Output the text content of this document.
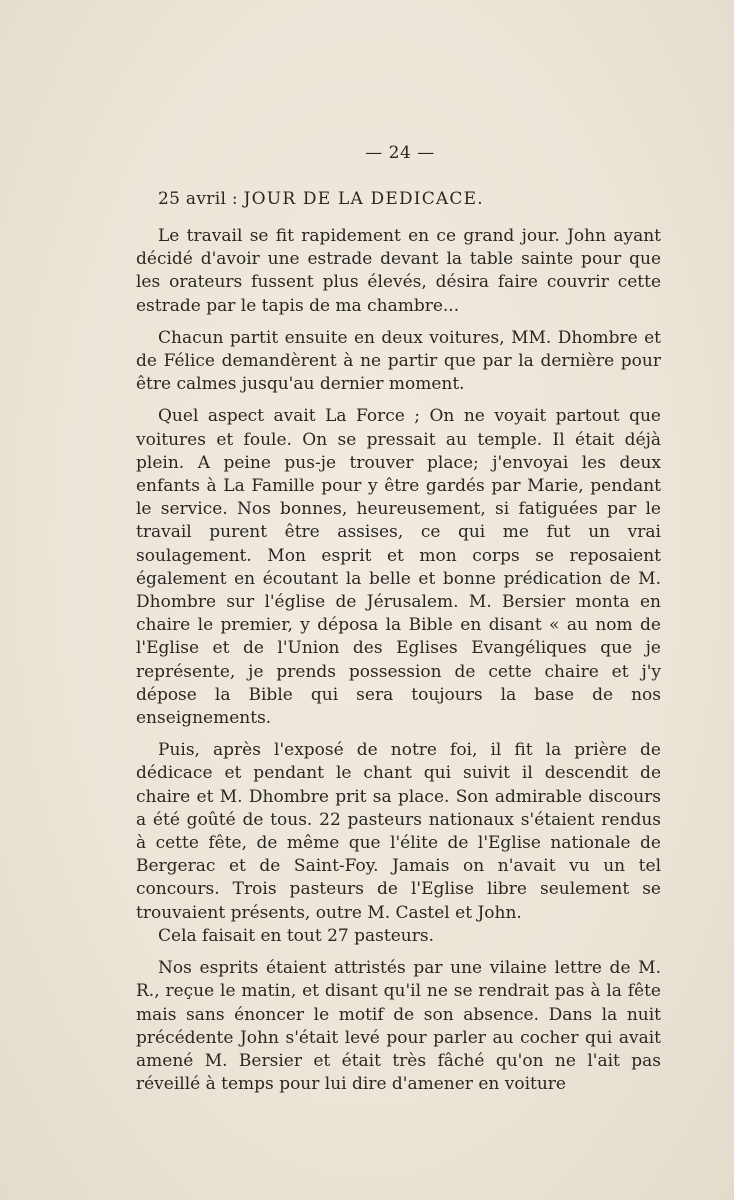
— 24 —
25 avril : JOUR DE LA DEDICACE.

Le travail se fit rapidement en ce grand jour. John ayant décidé d'avoir une estrade devant la table sainte pour que les orateurs fussent plus élevés, désira faire couvrir cette estrade par le tapis de ma chambre...

Chacun partit ensuite en deux voitures, MM. Dhombre et de Félice demandèrent à ne partir que par la dernière pour être calmes jusqu'au dernier moment.

Quel aspect avait La Force ; On ne voyait partout que voitures et foule. On se pressait au temple. Il était déjà plein. A peine pus-je trouver place; j'envoyai les deux enfants à La Famille pour y être gardés par Marie, pendant le service. Nos bonnes, heureusement, si fatiguées par le travail purent être assises, ce qui me fut un vrai soulagement. Mon esprit et mon corps se reposaient également en écoutant la belle et bonne prédication de M. Dhombre sur l'église de Jérusalem. M. Bersier monta en chaire le premier, y déposa la Bible en disant « au nom de l'Eglise et de l'Union des Eglises Evangéliques que je représente, je prends possession de cette chaire et j'y dépose la Bible qui sera toujours la base de nos enseignements.

Puis, après l'exposé de notre foi, il fit la prière de dédicace et pendant le chant qui suivit il descendit de chaire et M. Dhombre prit sa place. Son admirable discours a été goûté de tous. 22 pasteurs nationaux s'étaient rendus à cette fête, de même que l'élite de l'Eglise nationale de Bergerac et de Saint-Foy. Jamais on n'avait vu un tel concours. Trois pasteurs de l'Eglise libre seulement se trouvaient présents, outre M. Castel et John.

Cela faisait en tout 27 pasteurs.

Nos esprits étaient attristés par une vilaine lettre de M. R., reçue le matin, et disant qu'il ne se rendrait pas à la fête mais sans énoncer le motif de son absence. Dans la nuit précédente John s'était levé pour parler au cocher qui avait amené M. Bersier et était très fâché qu'on ne l'ait pas réveillé à temps pour lui dire d'amener en voiture
